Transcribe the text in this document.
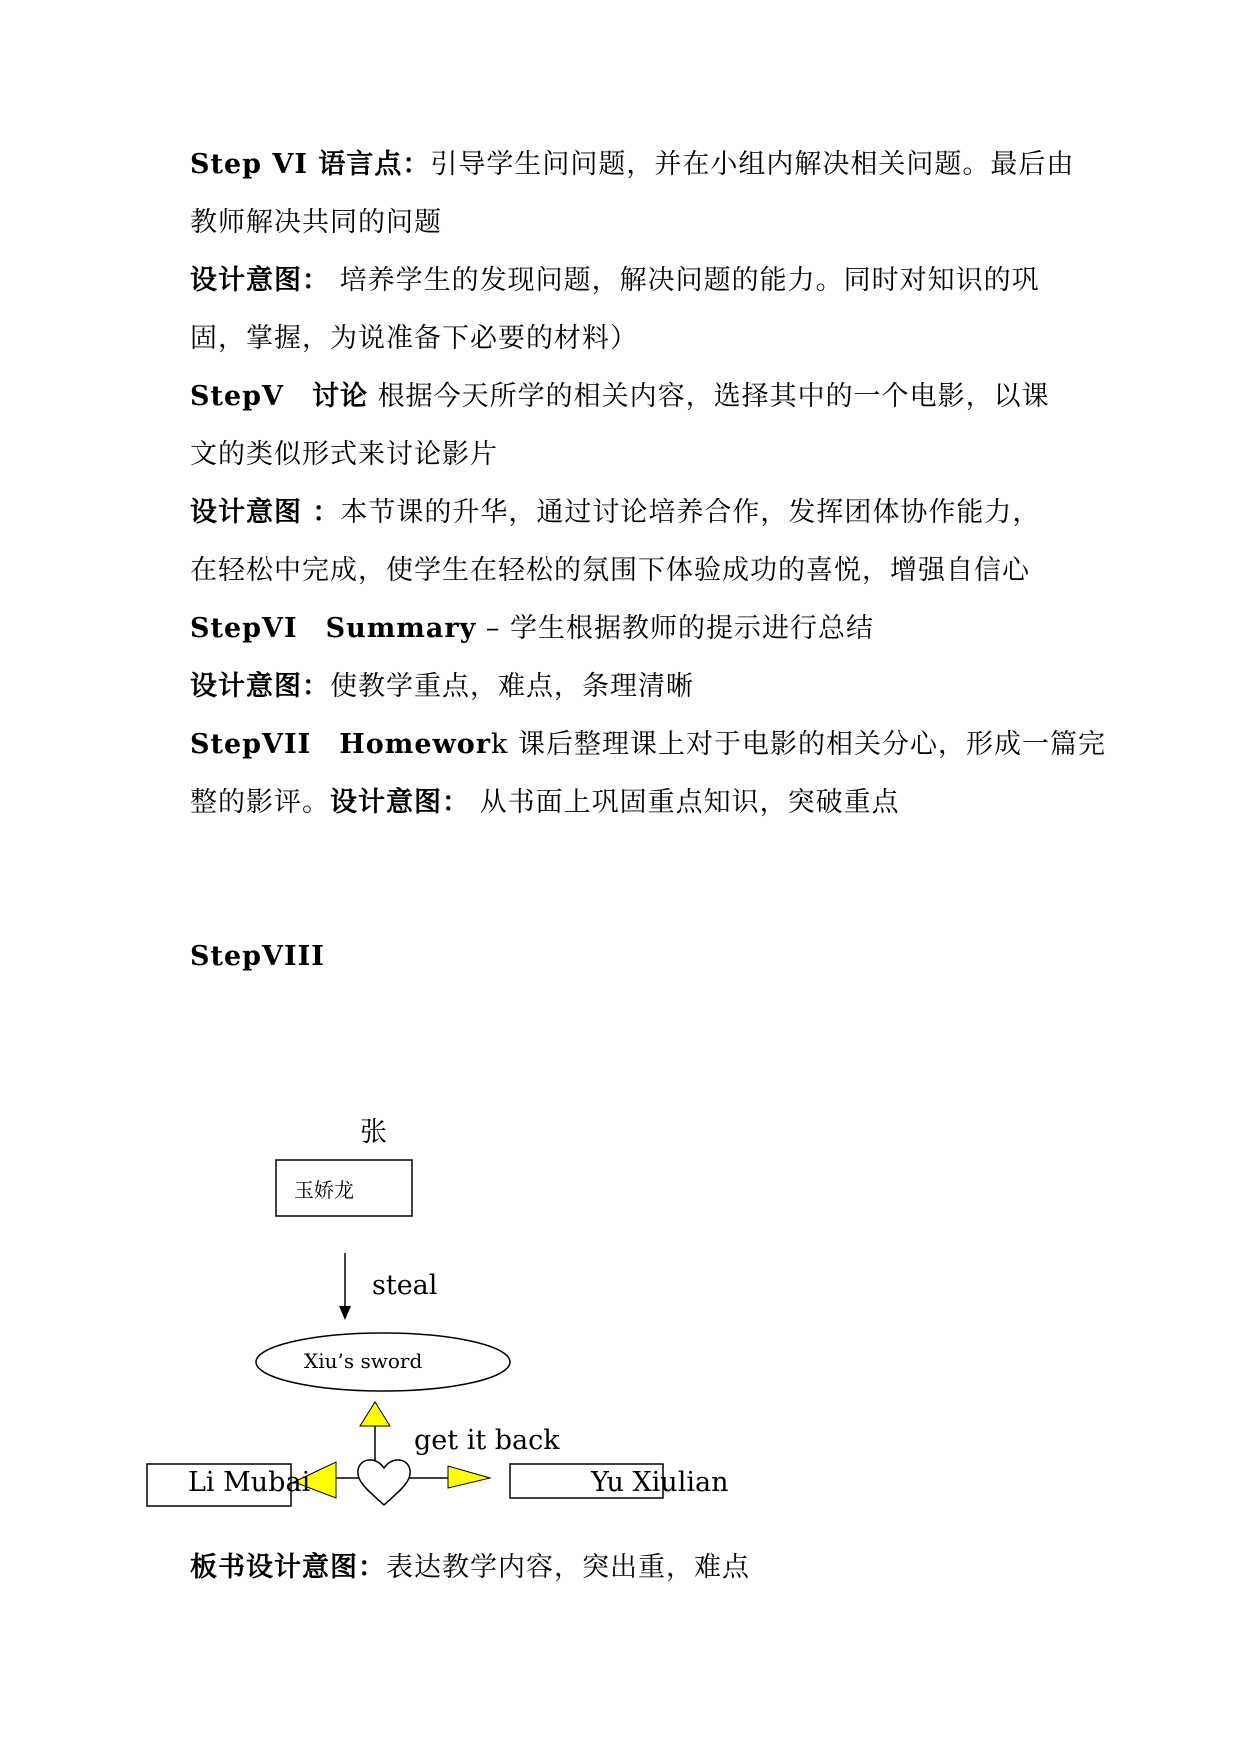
Step VI 语言点：引导学生问问题，并在小组内解决相关问题。最后由
教师解决共同的问题
设计意图： 培养学生的发现问题，解决问题的能力。同时对知识的巩
固，掌握，为说准备下必要的材料）
StepV 讨论 根据今天所学的相关内容，选择其中的一个电影，以课
文的类似形式来讨论影片
设计意图 ：本节课的升华，通过讨论培养合作，发挥团体协作能力，
在轻松中完成，使学生在轻松的氛围下体验成功的喜悦，增强自信心
StepVI Summary – 学生根据教师的提示进行总结
设计意图：使教学重点，难点，条理清晰
StepVII Homework 课后整理课上对于电影的相关分心，形成一篇完
整的影评。设计意图： 从书面上巩固重点知识，突破重点
StepVIII
张
玉娇龙
steal
Xiu’s sword
get it back
Li Mubai	Yu Xiulian
板书设计意图：表达教学内容，突出重，难点
